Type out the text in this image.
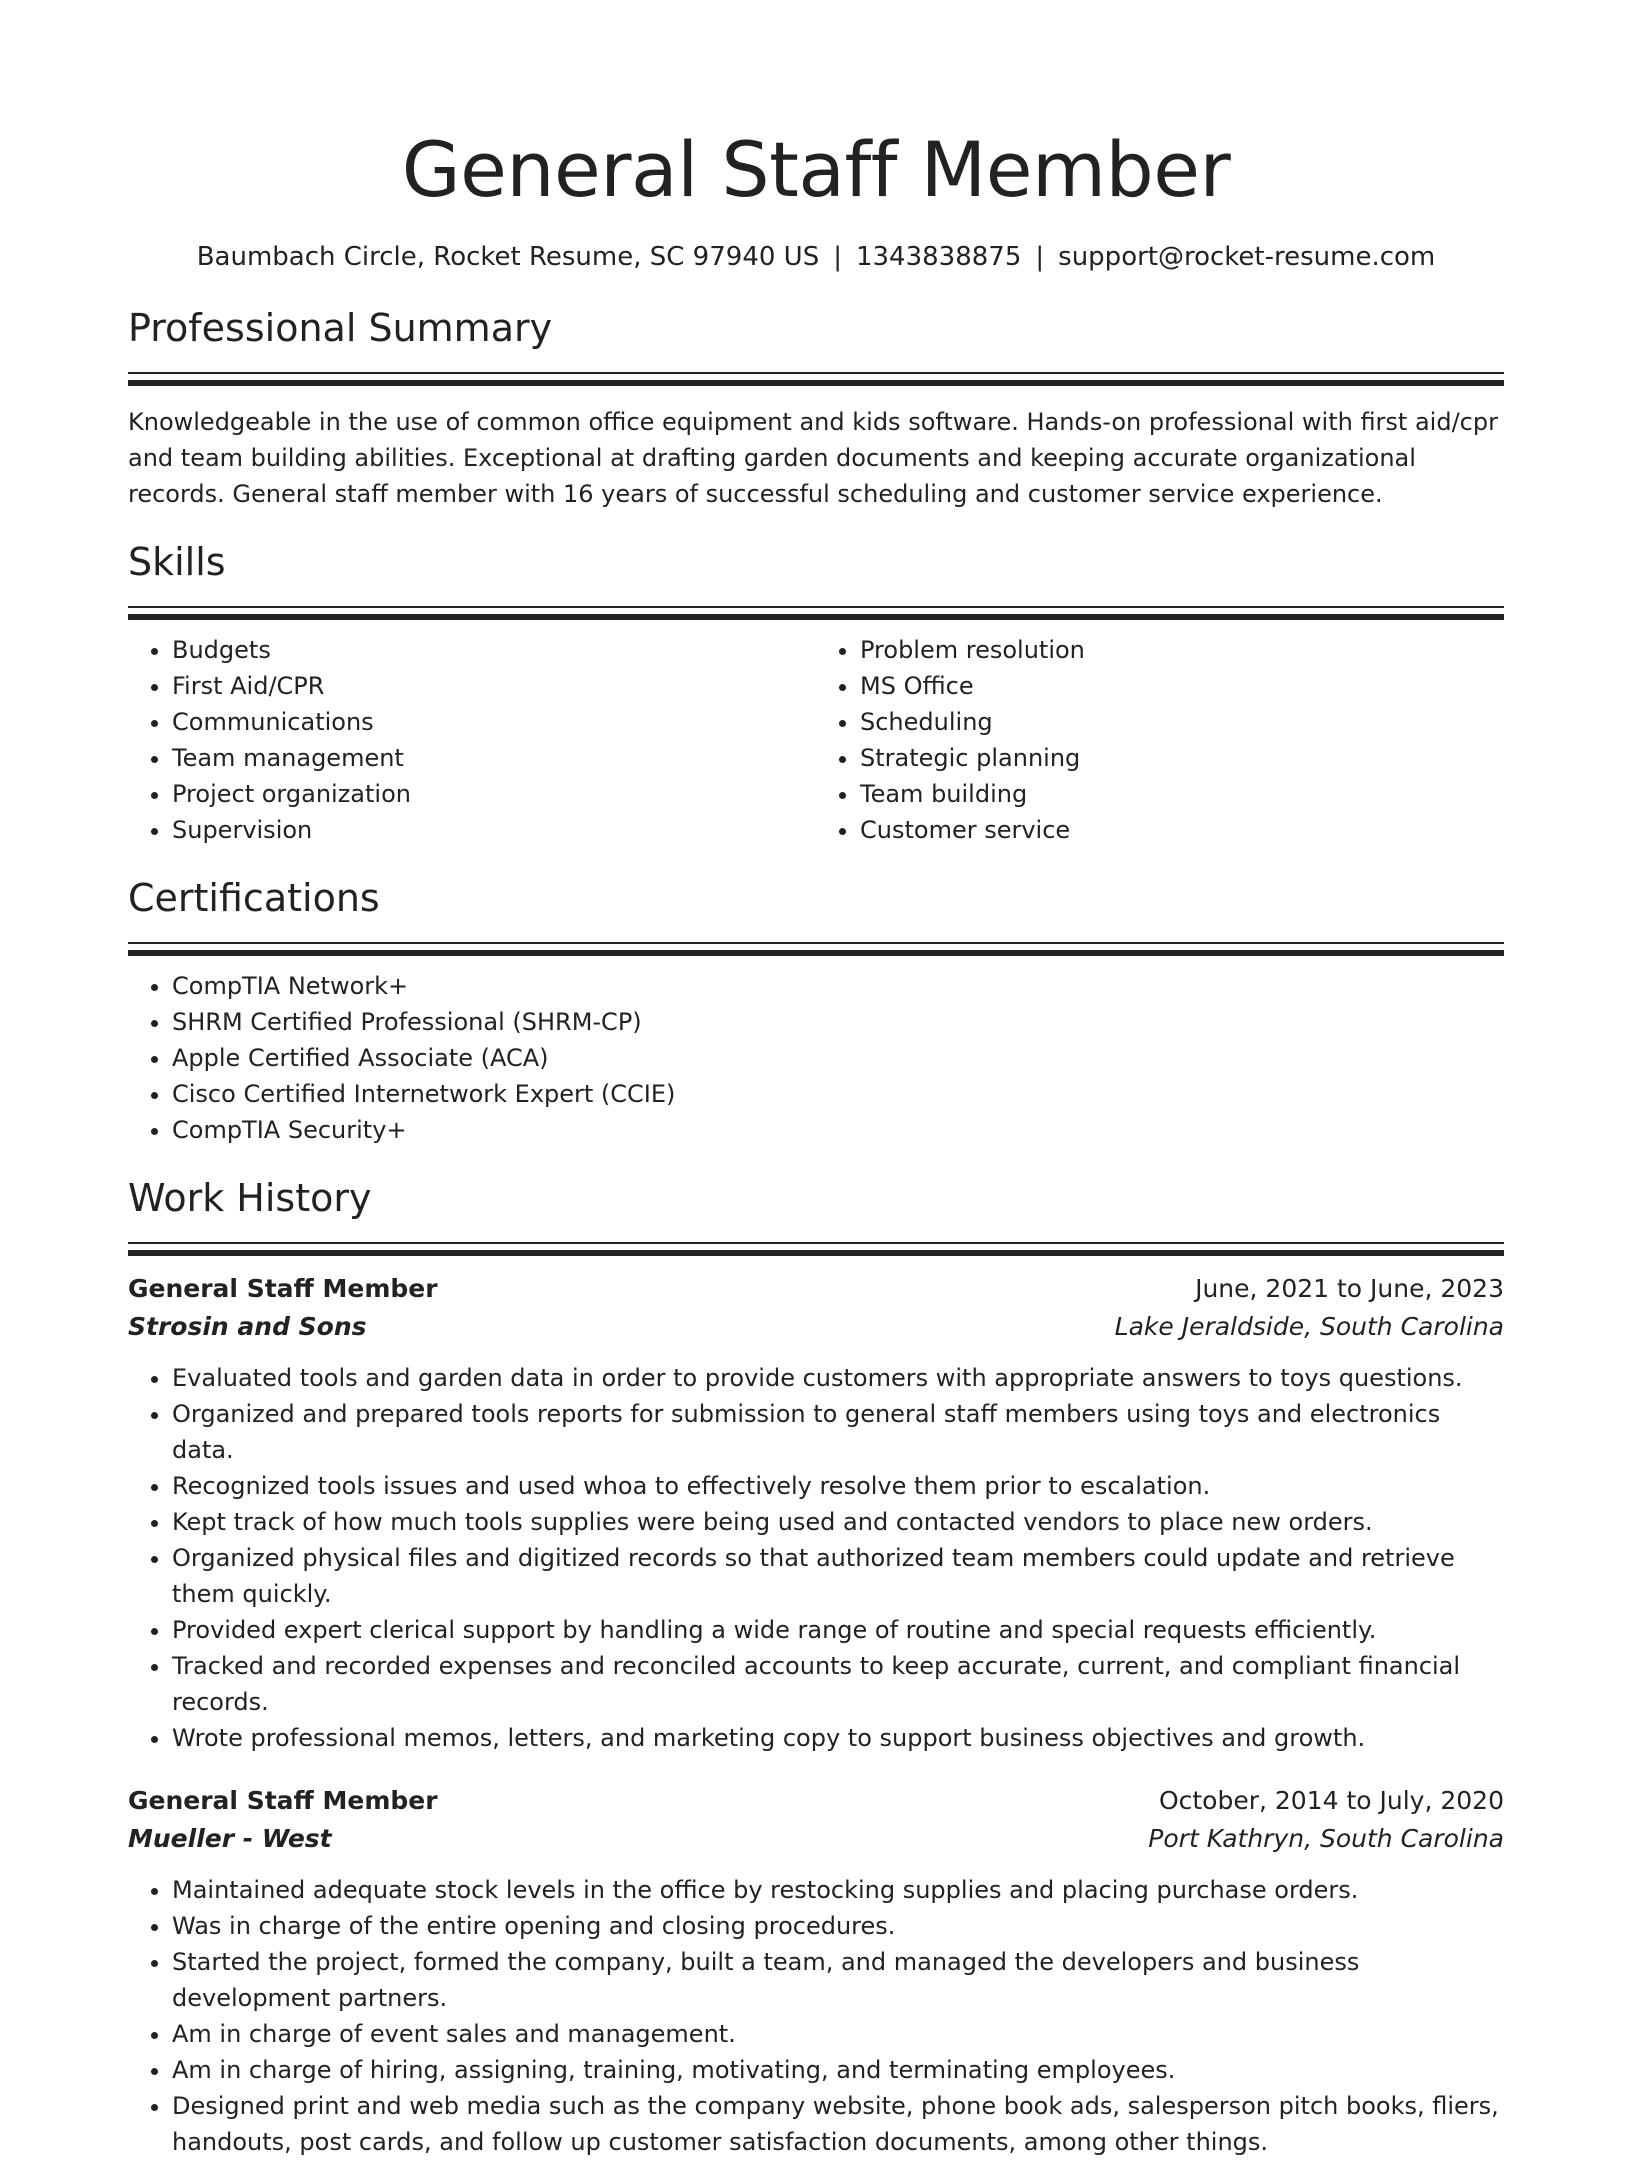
General Staff Member
Baumbach Circle, Rocket Resume, SC 97940 US | 1343838875 | support@rocket-resume.com
Professional Summary

Knowledgeable in the use of common office equipment and kids software. Hands-on professional with first aid/cpr and team building abilities. Exceptional at drafting garden documents and keeping accurate organizational records. General staff member with 16 years of successful scheduling and customer service experience.

Skills
• Budgets
• First Aid/CPR
• Communications
• Team management
• Project organization
• Supervision
• Problem resolution
• MS Office
• Scheduling
• Strategic planning
• Team building
• Customer service
Certifications
• CompTIA Network+
• SHRM Certified Professional (SHRM-CP)
• Apple Certified Associate (ACA)
• Cisco Certified Internetwork Expert (CCIE)
• CompTIA Security+
Work History
General Staff Member	June, 2021 to June, 2023
Strosin and Sons	Lake Jeraldside, South Carolina
• Evaluated tools and garden data in order to provide customers with appropriate answers to toys questions.
• Organized and prepared tools reports for submission to general staff members using toys and electronics data.
• Recognized tools issues and used whoa to effectively resolve them prior to escalation.
• Kept track of how much tools supplies were being used and contacted vendors to place new orders.
• Organized physical files and digitized records so that authorized team members could update and retrieve them quickly.
• Provided expert clerical support by handling a wide range of routine and special requests efficiently.
• Tracked and recorded expenses and reconciled accounts to keep accurate, current, and compliant financial records.
• Wrote professional memos, letters, and marketing copy to support business objectives and growth.
General Staff Member	October, 2014 to July, 2020
Mueller - West	Port Kathryn, South Carolina
• Maintained adequate stock levels in the office by restocking supplies and placing purchase orders.
• Was in charge of the entire opening and closing procedures.
• Started the project, formed the company, built a team, and managed the developers and business development partners.
• Am in charge of event sales and management.
• Am in charge of hiring, assigning, training, motivating, and terminating employees.
• Designed print and web media such as the company website, phone book ads, salesperson pitch books, fliers, handouts, post cards, and follow up customer satisfaction documents, among other things.
